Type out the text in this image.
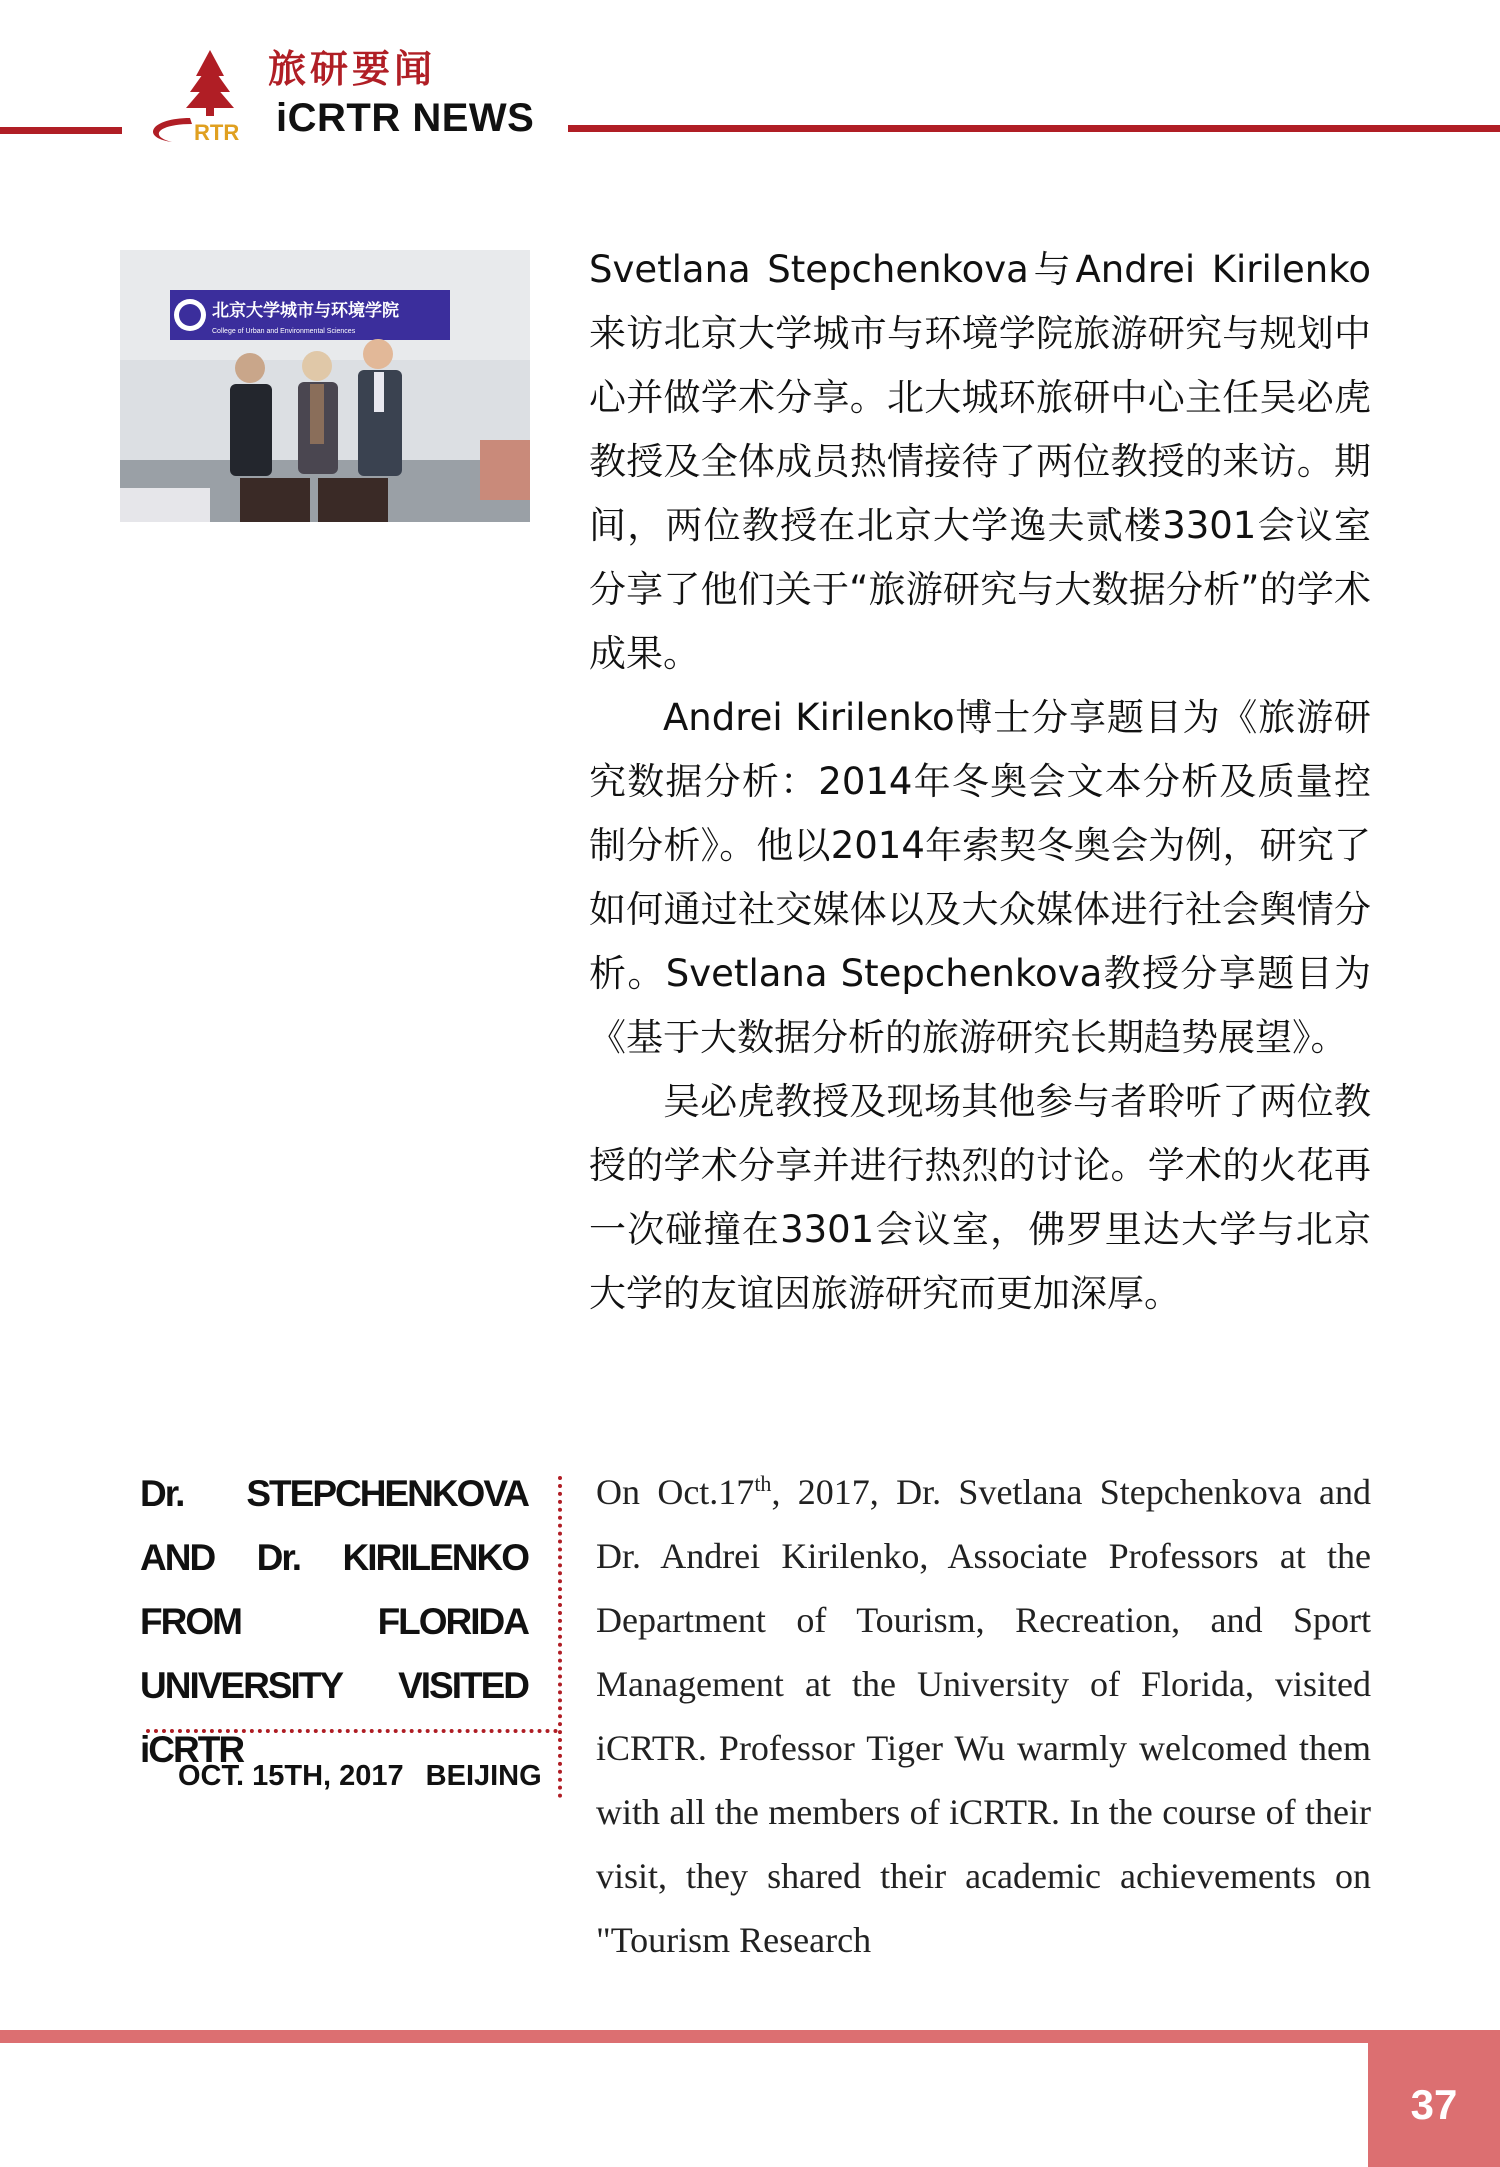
RTR
旅研要闻
iCRTR NEWS
北京大学城市与环境学院
College of Urban and Environmental Sciences

Svetlana Stepchenkova与Andrei Kirilenko来访北京大学城市与环境学院旅游研究与规划中心并做学术分享。北大城环旅研中心主任吴必虎教授及全体成员热情接待了两位教授的来访。期间，两位教授在北京大学逸夫贰楼3301会议室分享了他们关于“旅游研究与大数据分析”的学术成果。

Andrei Kirilenko博士分享题目为《旅游研究数据分析：2014年冬奥会文本分析及质量控制分析》。他以2014年索契冬奥会为例，研究了如何通过社交媒体以及大众媒体进行社会舆情分析。Svetlana Stepchenkova教授分享题目为《基于大数据分析的旅游研究长期趋势展望》。

吴必虎教授及现场其他参与者聆听了两位教授的学术分享并进行热烈的讨论。学术的火花再一次碰撞在3301会议室，佛罗里达大学与北京大学的友谊因旅游研究而更加深厚。

Dr. STEPCHENKOVA AND Dr. KIRILENKO FROM FLORIDA UNIVERSITY VISITED iCRTR
OCT. 15TH, 2017 BEIJING
On Oct.17th, 2017, Dr. Svetlana Stepchenkova and Dr. Andrei Kirilenko, Associate Professors at the Department of Tourism, Recreation, and Sport Management at the University of Florida, visited iCRTR. Professor Tiger Wu warmly welcomed them with all the members of iCRTR. In the course of their visit, they shared their academic achievements on "Tourism Research
37
